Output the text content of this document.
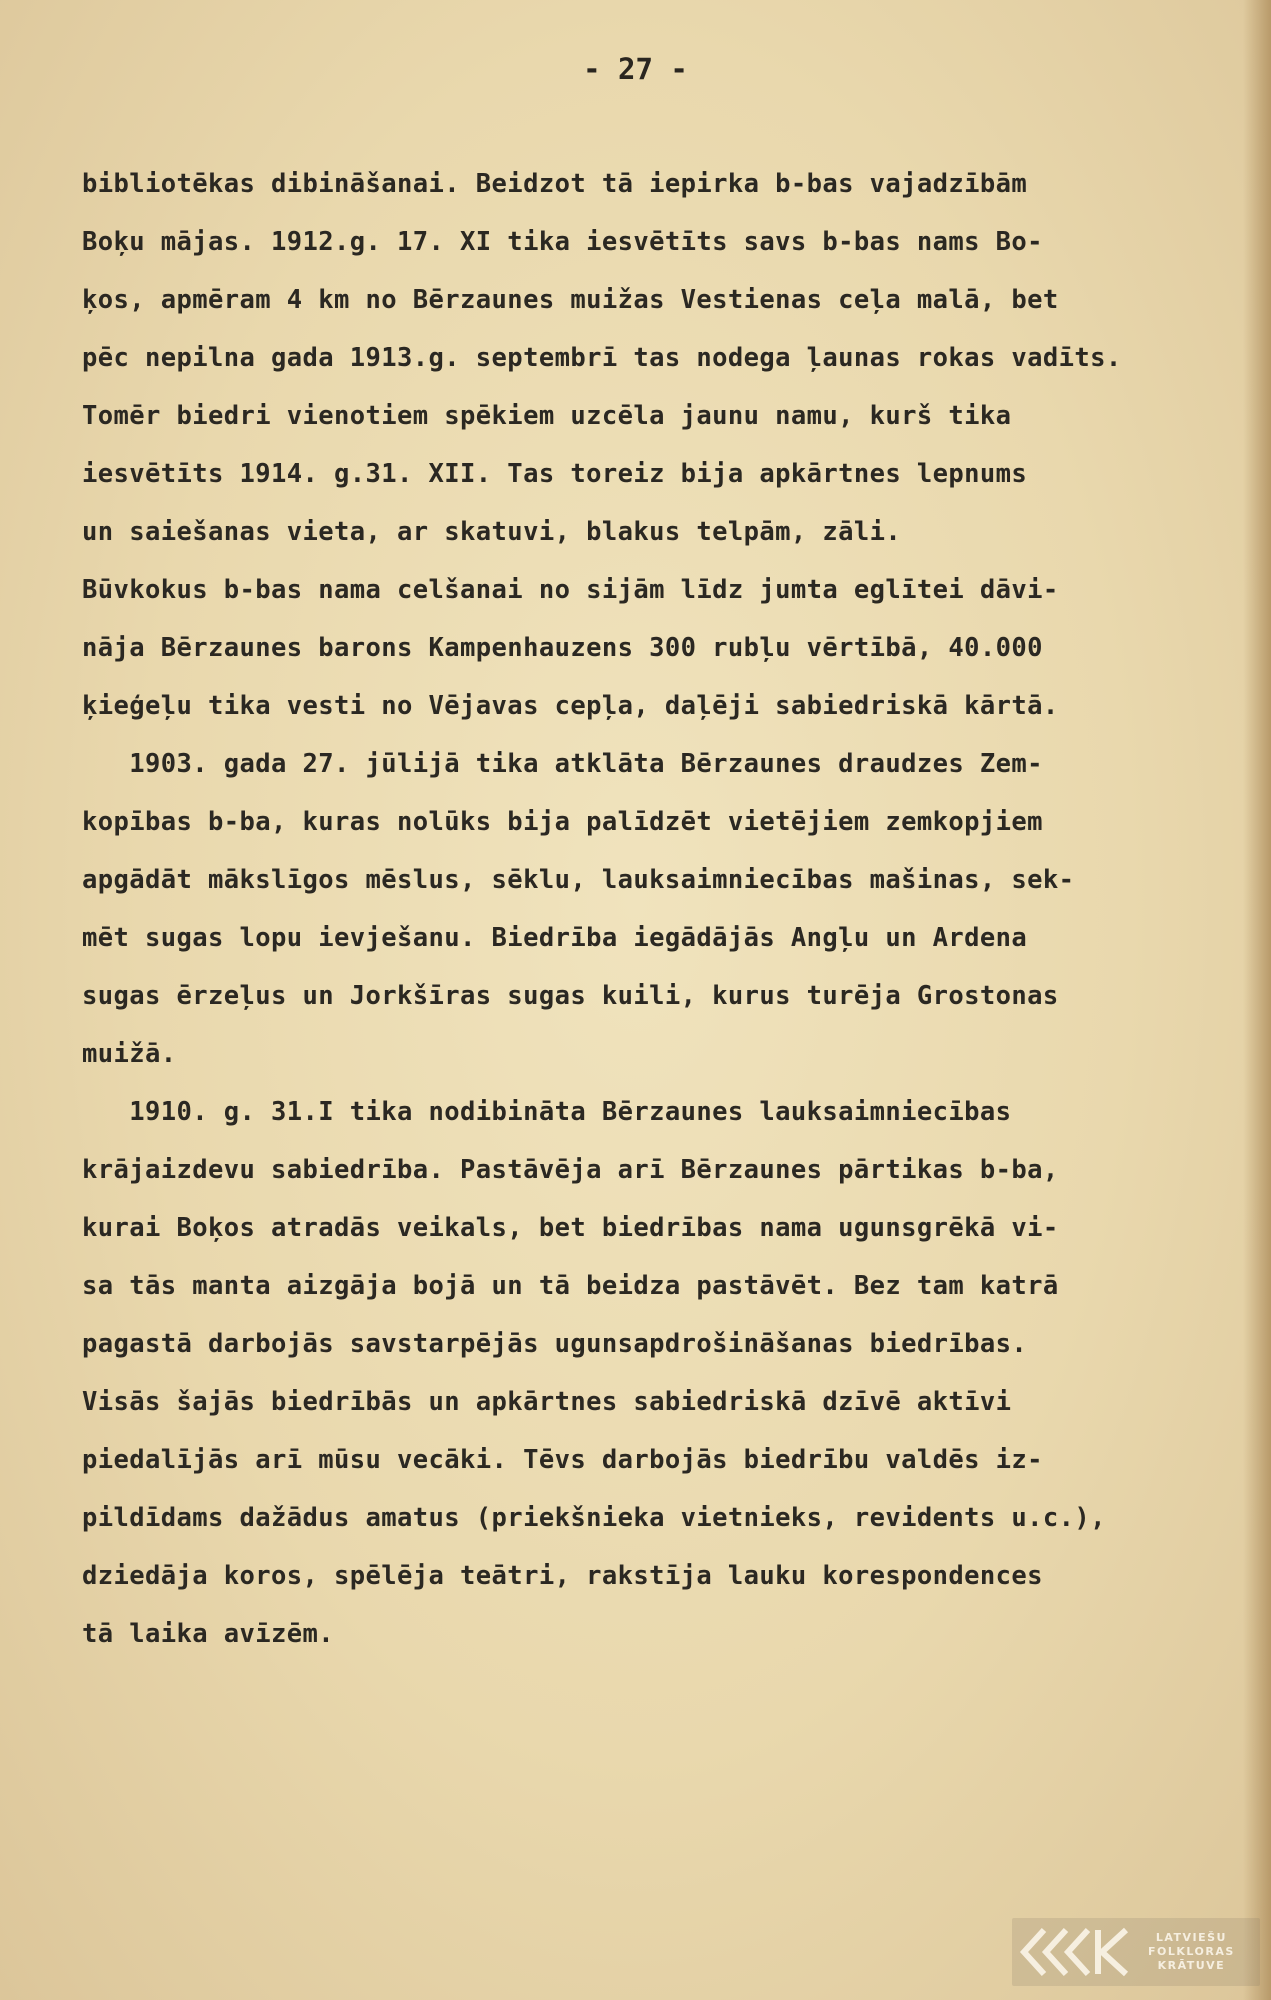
- 27 -
bibliotēkas dibināšanai. Beidzot tā iepirka b-bas vajadzībām
Boķu mājas. 1912.g. 17. XI tika iesvētīts savs b-bas nams Bo-
ķos, apmēram 4 km no Bērzaunes muižas Vestienas ceļa malā, bet
pēc nepilna gada 1913.g. septembrī tas nodega ļaunas rokas vadīts.
Tomēr biedri vienotiem spēkiem uzcēla jaunu namu, kurš tika
iesvētīts 1914. g.31. XII. Tas toreiz bija apkārtnes lepnums
un saiešanas vieta, ar skatuvi, blakus telpām, zāli.
Būvkokus b-bas nama celšanai no sijām līdz jumta eglītei dāvi-
nāja Bērzaunes barons Kampenhauzens 300 rubļu vērtībā, 40.000
ķieģeļu tika vesti no Vējavas cepļa, daļēji sabiedriskā kārtā.
1903. gada 27. jūlijā tika atklāta Bērzaunes draudzes Zem-
kopības b-ba, kuras nolūks bija palīdzēt vietējiem zemkopjiem
apgādāt mākslīgos mēslus, sēklu, lauksaimniecības mašinas, sek-
mēt sugas lopu ievješanu. Biedrība iegādājās Angļu un Ardena
sugas ērzeļus un Jorkšīras sugas kuili, kurus turēja Grostonas
muižā.
1910. g. 31.I tika nodibināta Bērzaunes lauksaimniecības
krājaizdevu sabiedrība. Pastāvēja arī Bērzaunes pārtikas b-ba,
kurai Boķos atradās veikals, bet biedrības nama ugunsgrēkā vi-
sa tās manta aizgāja bojā un tā beidza pastāvēt. Bez tam katrā
pagastā darbojās savstarpējās ugunsapdrošināšanas biedrības.
Visās šajās biedrībās un apkārtnes sabiedriskā dzīvē aktīvi
piedalījās arī mūsu vecāki. Tēvs darbojās biedrību valdēs iz-
pildīdams dažādus amatus (priekšnieka vietnieks, revidents u.c.),
dziedāja koros, spēlēja teātri, rakstīja lauku korespondences
tā laika avīzēm.
LATVIEŠU
FOLKLORAS
KRĀTUVE
